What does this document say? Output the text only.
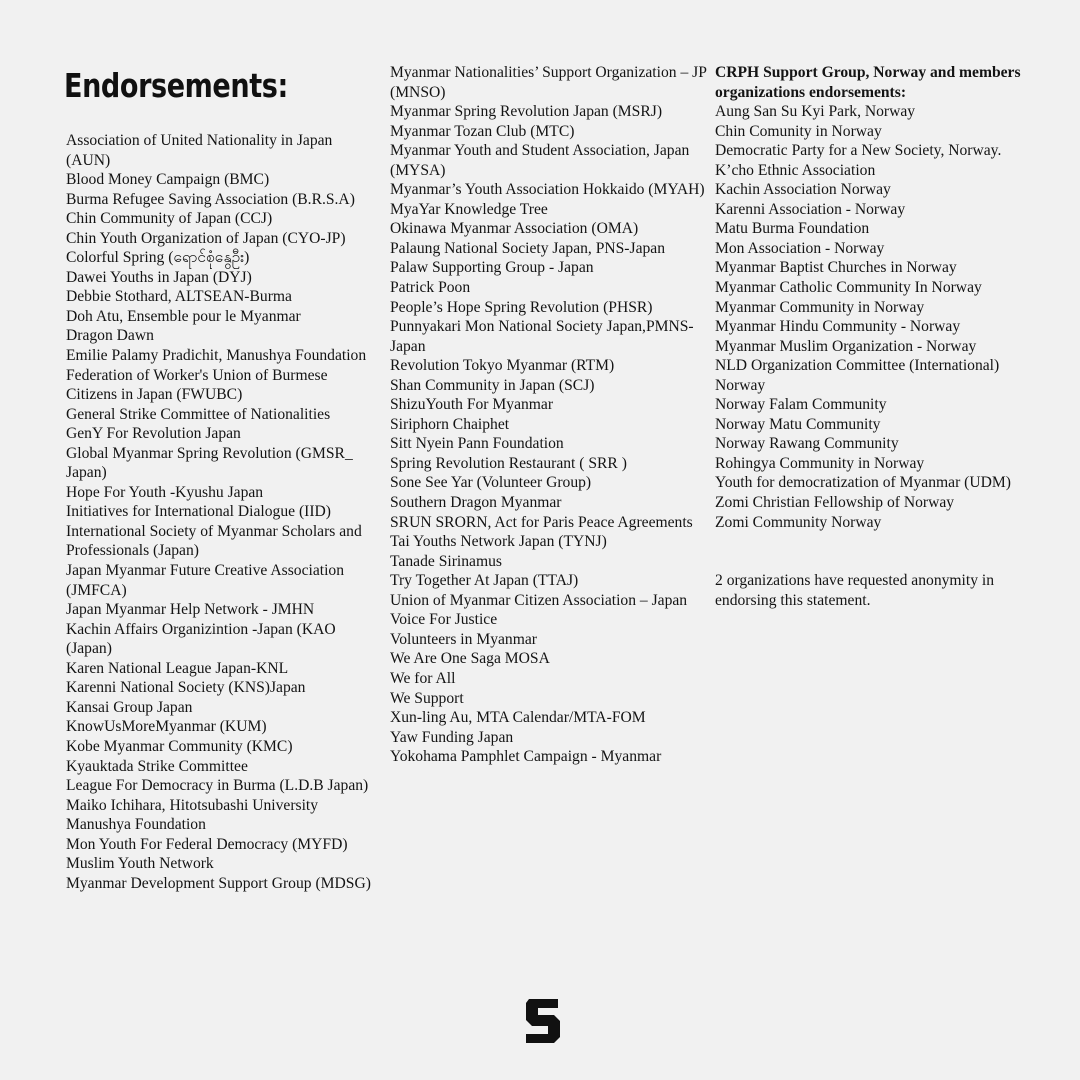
Endorsements:
Association of United Nationality in Japan (AUN)
Blood Money Campaign (BMC)
Burma Refugee Saving Association (B.R.S.A)
Chin Community of Japan (CCJ)
Chin Youth Organization of Japan (CYO-JP)
Colorful Spring (ရောင်စုံနွေဦး)
Dawei Youths in Japan (DYJ)
Debbie Stothard, ALTSEAN-Burma
Doh Atu, Ensemble pour le Myanmar
Dragon Dawn
Emilie Palamy Pradichit, Manushya Foundation
Federation of Worker's Union of Burmese Citizens in Japan (FWUBC)
General Strike Committee of Nationalities
GenY For Revolution Japan
Global Myanmar Spring Revolution (GMSR_ Japan)
Hope For Youth -Kyushu Japan
Initiatives for International Dialogue (IID)
International Society of Myanmar Scholars and Professionals (Japan)
Japan Myanmar Future Creative Association (JMFCA)
Japan Myanmar Help Network - JMHN
Kachin Affairs Organizintion -Japan (KAO (Japan)
Karen National League Japan-KNL
Karenni National Society (KNS)Japan
Kansai Group Japan
KnowUsMoreMyanmar (KUM)
Kobe Myanmar Community (KMC)
Kyauktada Strike Committee
League For Democracy in Burma (L.D.B Japan)
Maiko Ichihara, Hitotsubashi University
Manushya Foundation
Mon Youth For Federal Democracy (MYFD)
Muslim Youth Network
Myanmar Development Support Group (MDSG)
Myanmar Nationalities’ Support Organization – JP (MNSO)
Myanmar Spring Revolution Japan (MSRJ)
Myanmar Tozan Club (MTC)
Myanmar Youth and Student Association, Japan (MYSA)
Myanmar’s Youth Association Hokkaido (MYAH)
MyaYar Knowledge Tree
Okinawa Myanmar Association (OMA)
Palaung National Society Japan, PNS-Japan
Palaw Supporting Group - Japan
Patrick Poon
People’s Hope Spring Revolution (PHSR)
Punnyakari Mon National Society Japan,PMNS-Japan
Revolution Tokyo Myanmar (RTM)
Shan Community in Japan (SCJ)
ShizuYouth For Myanmar
Siriphorn Chaiphet
Sitt Nyein Pann Foundation
Spring Revolution Restaurant ( SRR )
Sone See Yar (Volunteer Group)
Southern Dragon Myanmar
SRUN SRORN, Act for Paris Peace Agreements
Tai Youths Network Japan (TYNJ)
Tanade Sirinamus
Try Together At Japan (TTAJ)
Union of Myanmar Citizen Association – Japan
Voice For Justice
Volunteers in Myanmar
We Are One Saga MOSA
We for All
We Support
Xun-ling Au, MTA Calendar/MTA-FOM
Yaw Funding Japan
Yokohama Pamphlet Campaign - Myanmar
CRPH Support Group, Norway and members organizations endorsements:
Aung San Su Kyi Park, Norway
Chin Comunity in Norway
Democratic Party for a New Society, Norway.
K’cho Ethnic Association
Kachin Association Norway
Karenni Association - Norway
Matu Burma Foundation
Mon Association - Norway
Myanmar Baptist Churches in Norway
Myanmar Catholic Community In Norway
Myanmar Community in Norway
Myanmar Hindu Community - Norway
Myanmar Muslim Organization - Norway
NLD Organization Committee (International) Norway
Norway Falam Community
Norway Matu Community
Norway Rawang Community
Rohingya Community in Norway
Youth for democratization of Myanmar (UDM)
Zomi Christian Fellowship of Norway
Zomi Community Norway
2 organizations have requested anonymity in endorsing this statement.
